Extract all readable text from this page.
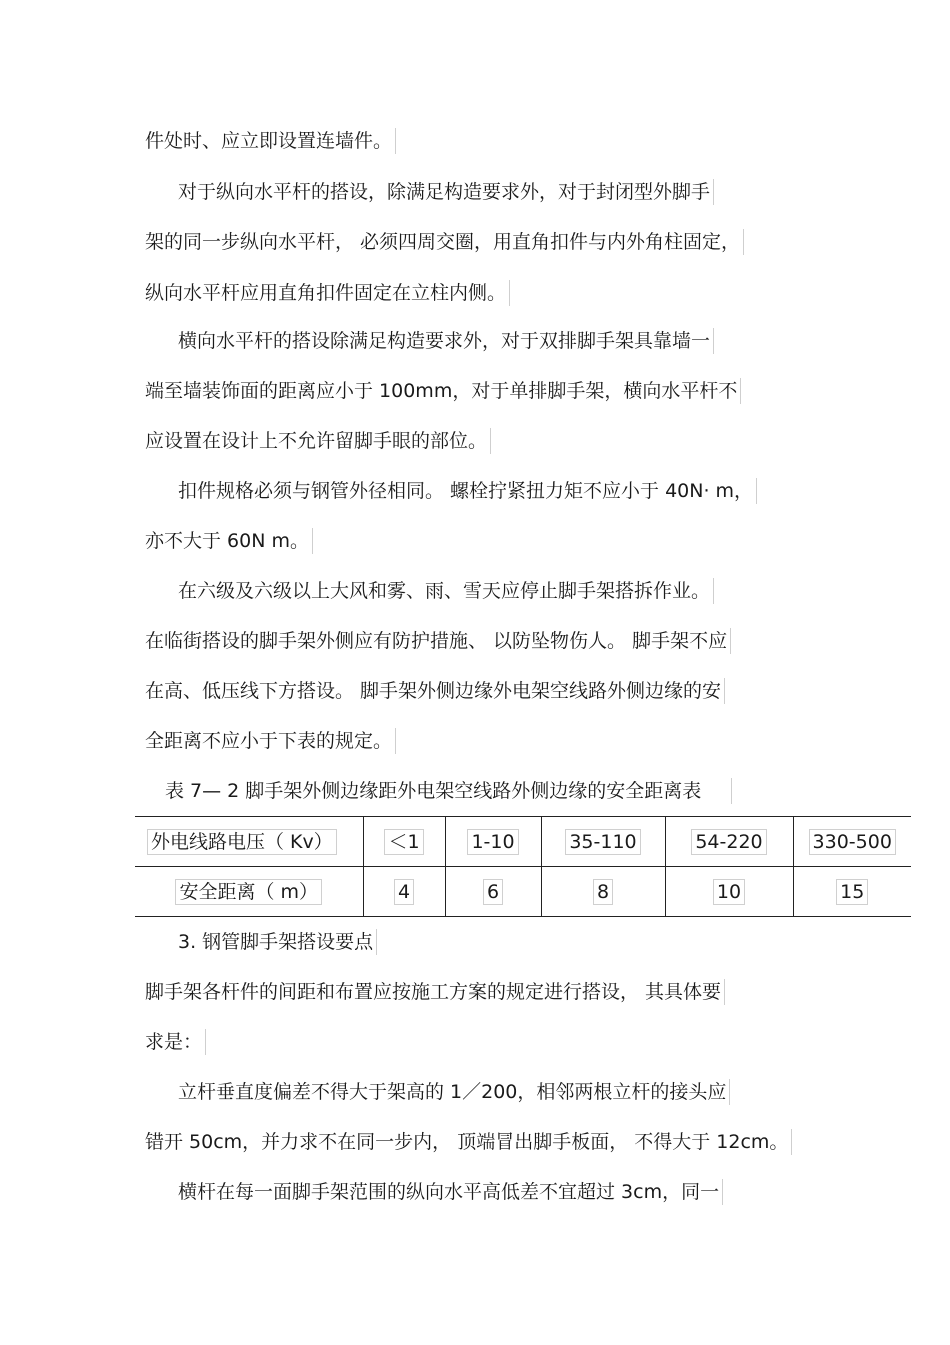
件处时、应立即设置连墙件。
对于纵向水平杆的搭设，除满足构造要求外，对于封闭型外脚手
架的同一步纵向水平杆， 必须四周交圈，用直角扣件与内外角柱固定，
纵向水平杆应用直角扣件固定在立柱内侧。
横向水平杆的搭设除满足构造要求外，对于双排脚手架具靠墙一
端至墙装饰面的距离应小于 100mm，对于单排脚手架，横向水平杆不
应设置在设计上不允许留脚手眼的部位。
扣件规格必须与钢管外径相同。 螺栓拧紧扭力矩不应小于 40N· m，
亦不大于 60N m。
在六级及六级以上大风和雾、雨、雪天应停止脚手架搭拆作业。
在临街搭设的脚手架外侧应有防护措施、 以防坠物伤人。 脚手架不应
在高、低压线下方搭设。 脚手架外侧边缘外电架空线路外侧边缘的安
全距离不应小于下表的规定。
表 7— 2 脚手架外侧边缘距外电架空线路外侧边缘的安全距离表
外电线路电压（ Kv）	＜1	1-10	35-110	54-220	330-500
安全距离（ m）	4	6	8	10	15
3. 钢管脚手架搭设要点
脚手架各杆件的间距和布置应按施工方案的规定进行搭设， 其具体要
求是：
立杆垂直度偏差不得大于架高的 1／200，相邻两根立杆的接头应
错开 50cm，并力求不在同一步内， 顶端冒出脚手板面， 不得大于 12cm。
横杆在每一面脚手架范围的纵向水平高低差不宜超过 3cm，同一
